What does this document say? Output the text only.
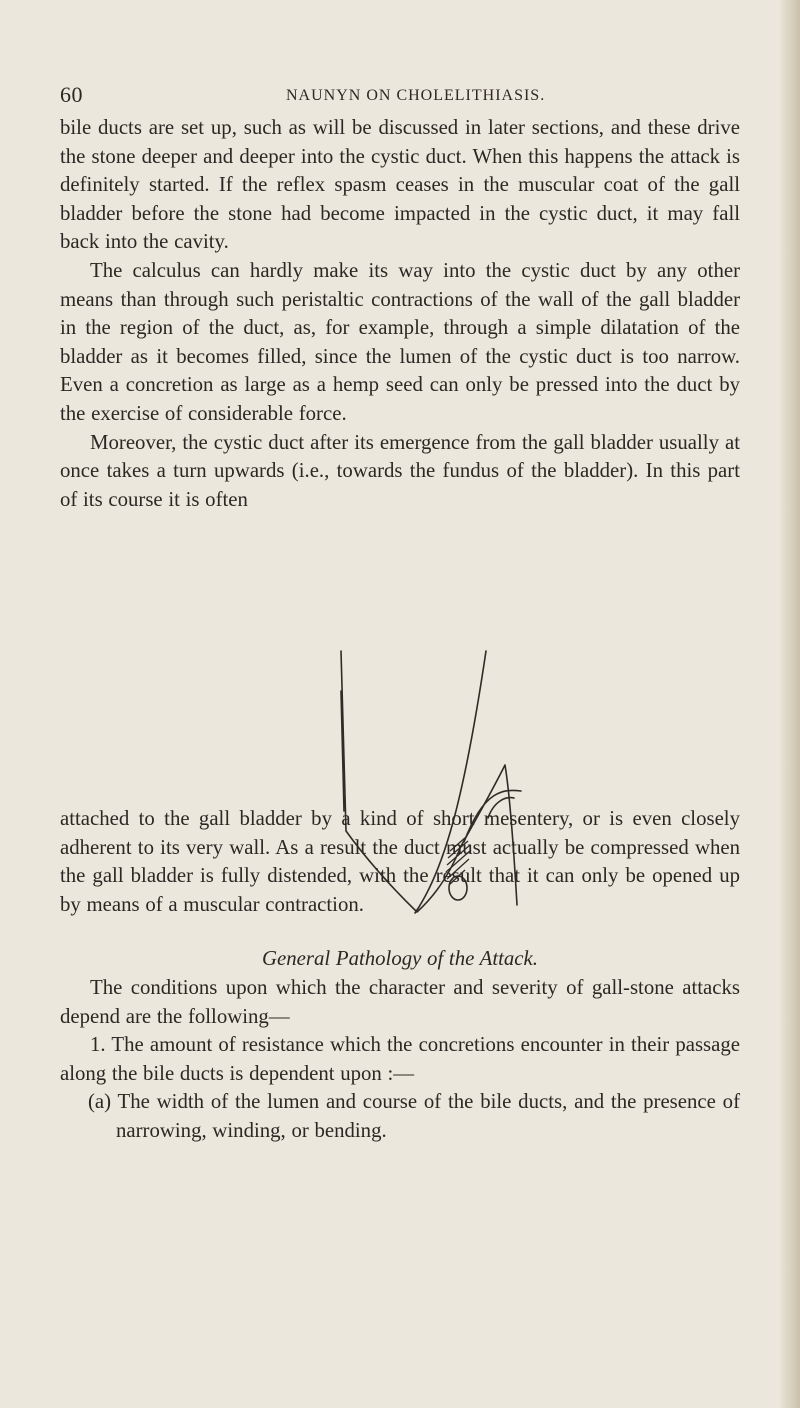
60	NAUNYN ON CHOLELITHIASIS.

bile ducts are set up, such as will be discussed in later sections, and these drive the stone deeper and deeper into the cystic duct. When this happens the attack is definitely started. If the reflex spasm ceases in the muscular coat of the gall bladder before the stone had become impacted in the cystic duct, it may fall back into the cavity.

The calculus can hardly make its way into the cystic duct by any other means than through such peristaltic contractions of the wall of the gall bladder in the region of the duct, as, for example, through a simple dilatation of the bladder as it becomes filled, since the lumen of the cystic duct is too narrow. Even a concretion as large as a hemp seed can only be pressed into the duct by the exercise of considerable force.

Moreover, the cystic duct after its emergence from the gall bladder usually at once takes a turn upwards (i.e., towards the fundus of the bladder). In this part of its course it is often

attached to the gall bladder by a kind of short mesentery, or is even closely adherent to its very wall. As a result the duct must actually be compressed when the gall bladder is fully distended, with the result that it can only be opened up by means of a muscular contraction.

General Pathology of the Attack.

The conditions upon which the character and severity of gall-stone attacks depend are the following—

1. The amount of resistance which the concretions encounter in their passage along the bile ducts is dependent upon :—

(a) The width of the lumen and course of the bile ducts, and the presence of narrowing, winding, or bending.
